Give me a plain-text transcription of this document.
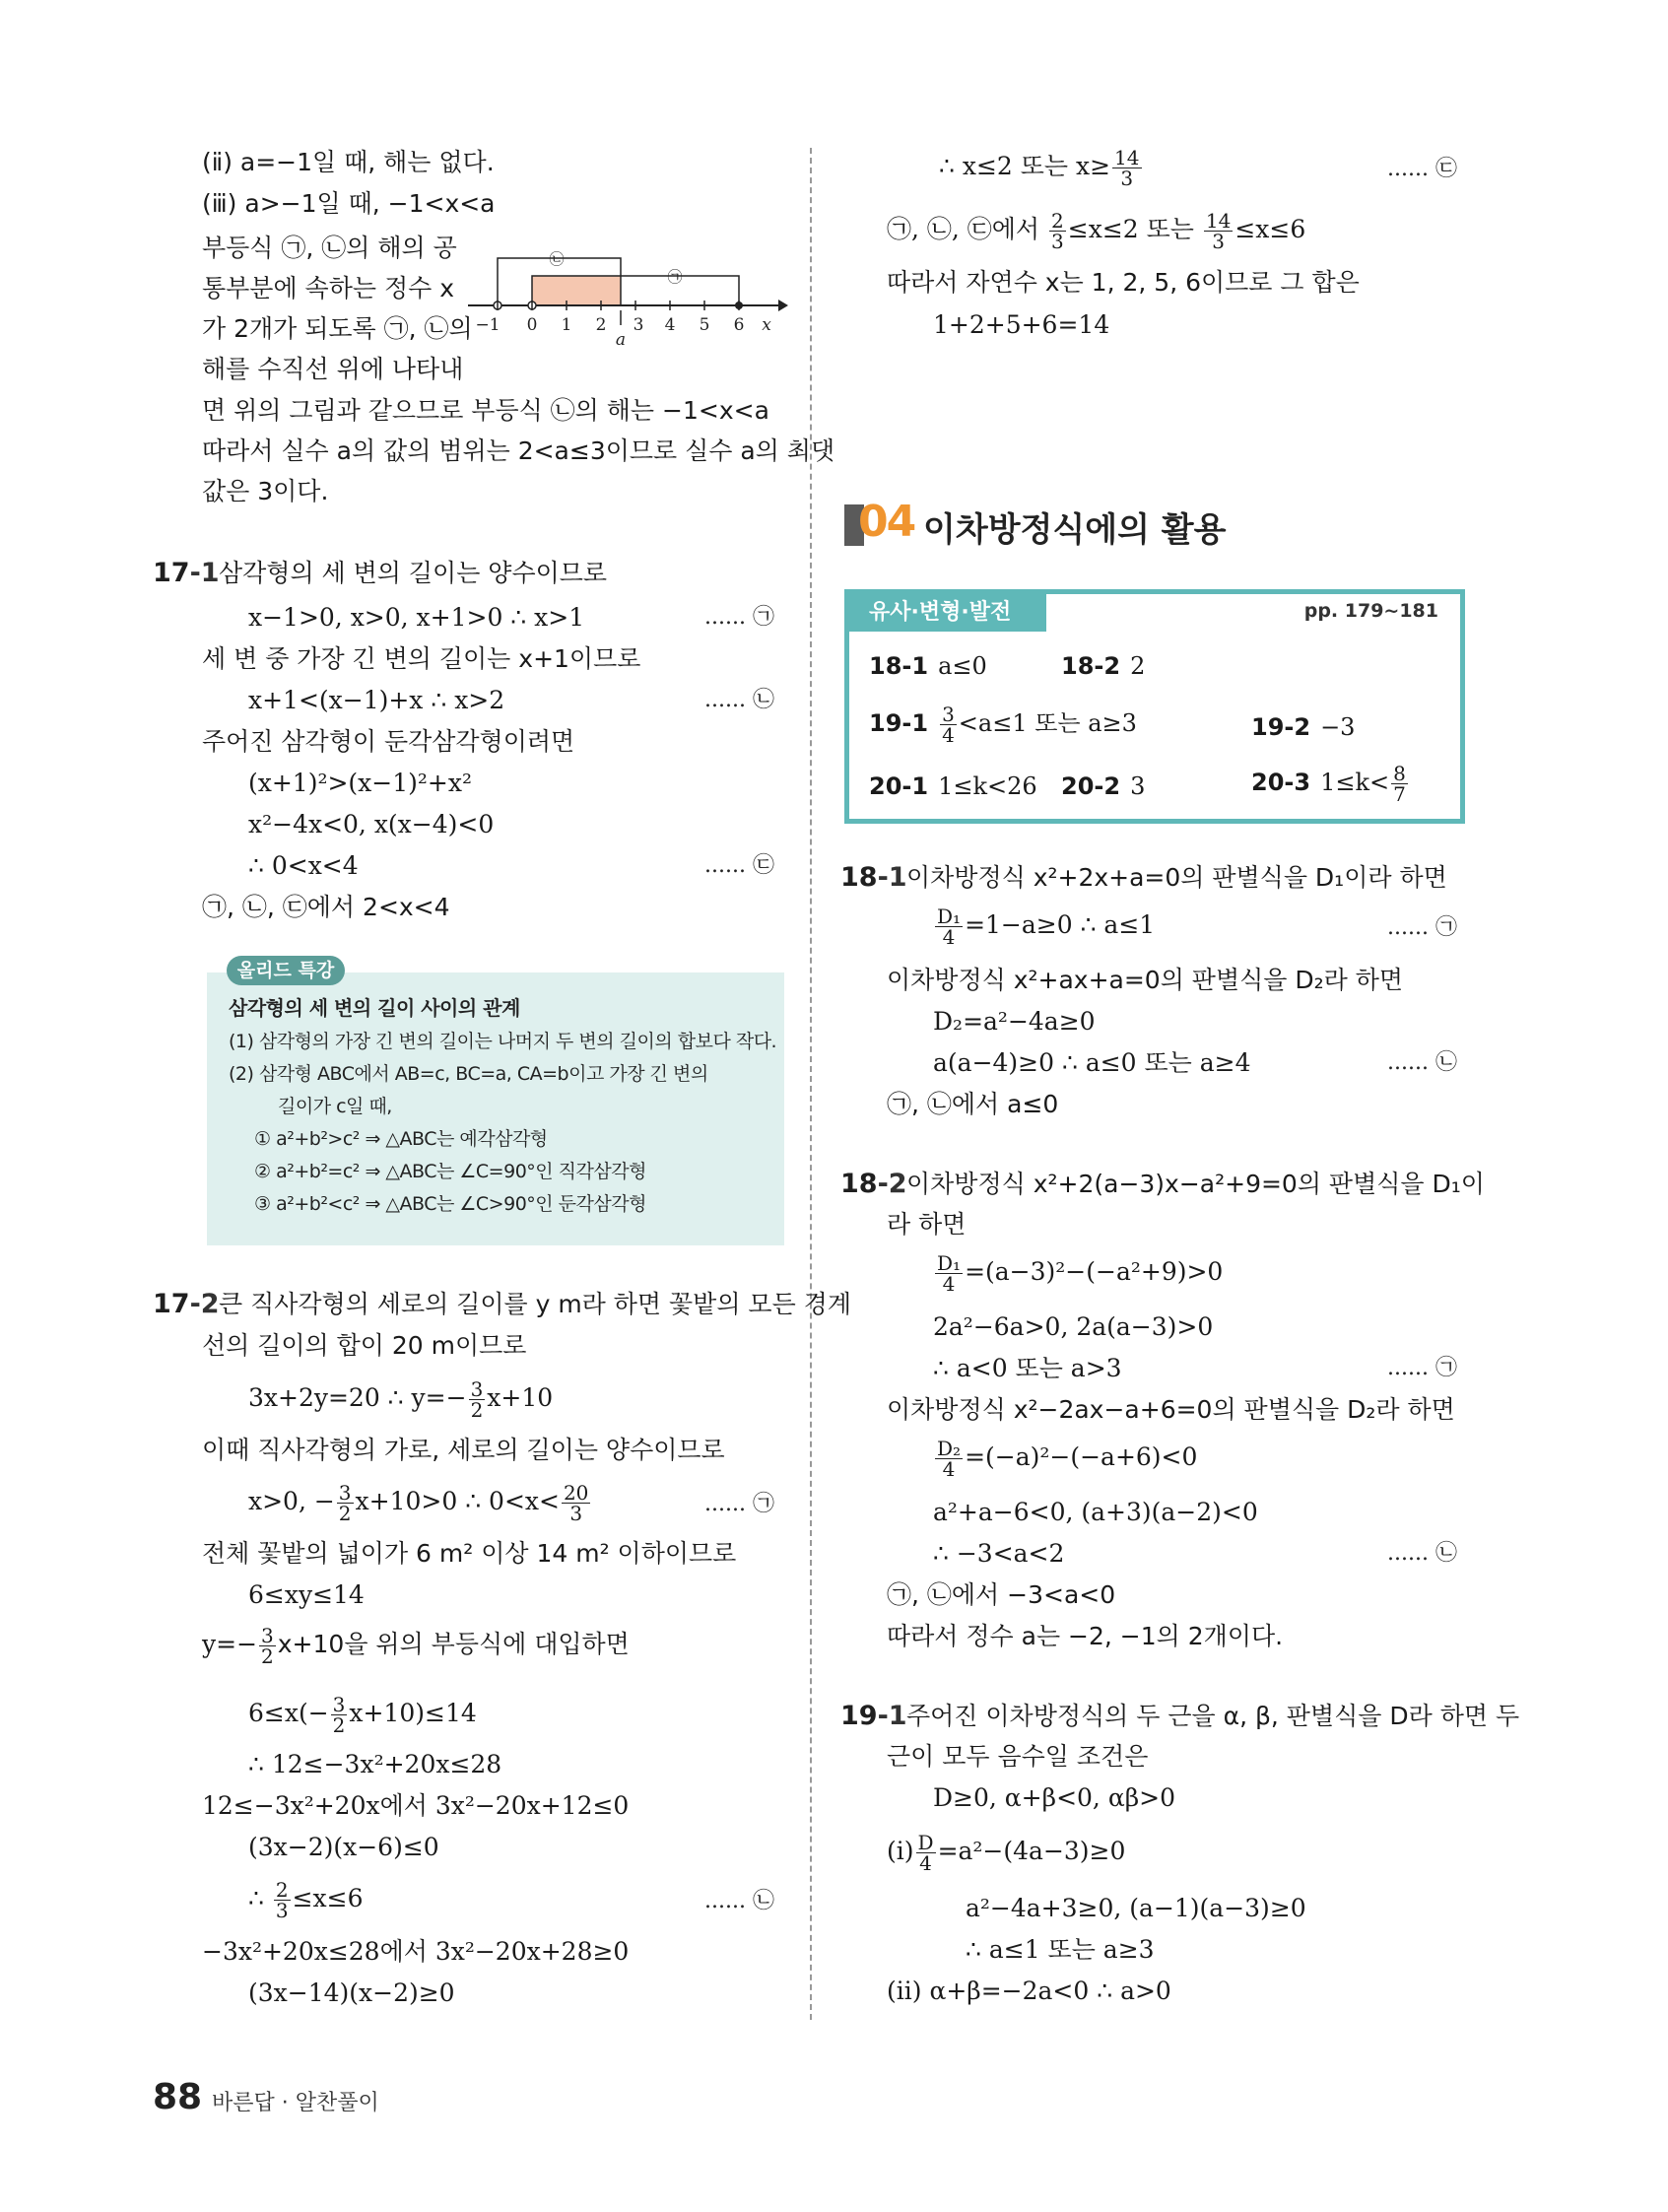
(ⅱ) a=−1일 때, 해는 없다.
(ⅲ) a>−1일 때, −1<x<a
부등식 ㉠, ㉡의 해의 공
통부분에 속하는 정수 x
가 2개가 되도록 ㉠, ㉡의
해를 수직선 위에 나타내
면 위의 그림과 같으므로 부등식 ㉡의 해는 −1<x<a
따라서 실수 a의 값의 범위는 2<a≤3이므로 실수 a의 최댓
값은 3이다.
−1 0 1 2 3 4 5 6 x
a
㉡
㉠
17-1 삼각형의 세 변의 길이는 양수이므로
x−1>0, x>0, x+1>0 ∴ x>1	...... ㉠
세 변 중 가장 긴 변의 길이는 x+1이므로
x+1<(x−1)+x ∴ x>2	...... ㉡
주어진 삼각형이 둔각삼각형이려면
(x+1)²>(x−1)²+x²
x²−4x<0, x(x−4)<0
∴ 0<x<4	...... ㉢
㉠, ㉡, ㉢에서 2<x<4
올리드 특강
삼각형의 세 변의 길이 사이의 관계
(1) 삼각형의 가장 긴 변의 길이는 나머지 두 변의 길이의 합보다 작다.
(2) 삼각형 ABC에서 AB=c, BC=a, CA=b이고 가장 긴 변의
길이가 c일 때,
① a²+b²>c² ⇒ △ABC는 예각삼각형
② a²+b²=c² ⇒ △ABC는 ∠C=90°인 직각삼각형
③ a²+b²<c² ⇒ △ABC는 ∠C>90°인 둔각삼각형
17-2 큰 직사각형의 세로의 길이를 y m라 하면 꽃밭의 모든 경계
선의 길이의 합이 20 m이므로
3x+2y=20 ∴ $y=- \frac{3}{2} x+10$
이때 직사각형의 가로, 세로의 길이는 양수이므로
x>0, − $\frac{3}{2} x+10>0$ ∴ $0<x< \frac{20}{3}$	...... ㉠
전체 꽃밭의 넓이가 6 m² 이상 14 m² 이하이므로
6≤xy≤14
$y=- \frac{3}{2} x+10$을 위의 부등식에 대입하면
$6\le x(- \frac{3}{2} x+10)\le 14$
∴ 12≤−3x²+20x≤28
12≤−3x²+20x에서 3x²−20x+12≤0
(3x−2)(x−6)≤0
∴ $\frac{2}{3} \le x\le 6$	...... ㉡
−3x²+20x≤28에서 3x²−20x+28≥0
(3x−14)(x−2)≥0
∴ x≤2 또는 $x\ge \frac{14}{3}$	...... ㉢
㉠, ㉡, ㉢에서 $\frac{2}{3} \le x\le 2$ 또는 $\frac{14}{3} \le x\le 6$
따라서 자연수 x는 1, 2, 5, 6이므로 그 합은
1+2+5+6=14
04 이차방정식에의 활용
유사·변형·발전	pp. 179~181
18-1 a≤0	18-2 2
$19-1 \frac{3}{4} <a\le 1$ 또는 a≥3	19-2 −3
20-1 1≤k<26 20-2 3	20-3 $1\le k< \frac{8}{7}$
18-1 이차방정식 x²+2x+a=0의 판별식을 D₁이라 하면
$\frac{\text{D₁}}{4} =1-a\ge 0$ ∴ a≤1	...... ㉠
이차방정식 x²+ax+a=0의 판별식을 D₂라 하면
D₂=a²−4a≥0
a(a−4)≥0 ∴ a≤0 또는 a≥4	...... ㉡
㉠, ㉡에서 a≤0
18-2 이차방정식 x²+2(a−3)x−a²+9=0의 판별식을 D₁이
라 하면
$\frac{\text{D₁}}{4} =(a-3)^2-(-a^2+9)>0$
2a²−6a>0, 2a(a−3)>0
∴ a<0 또는 a>3	...... ㉠
이차방정식 x²−2ax−a+6=0의 판별식을 D₂라 하면
$\frac{\text{D₂}}{4} =(-a)^2-(-a+6)<0$
a²+a−6<0, (a+3)(a−2)<0
∴ −3<a<2	...... ㉡
㉠, ㉡에서 −3<a<0
따라서 정수 a는 −2, −1의 2개이다.
19-1 주어진 이차방정식의 두 근을 α, β, 판별식을 D라 하면 두
근이 모두 음수일 조건은
D≥0, α+β<0, αβ>0
(ⅰ) $\frac{D}{4} =a^2-(4a-3)\ge 0$
a²−4a+3≥0, (a−1)(a−3)≥0
∴ a≤1 또는 a≥3
(ⅱ) α+β=−2a<0 ∴ a>0
88 바른답 · 알찬풀이
